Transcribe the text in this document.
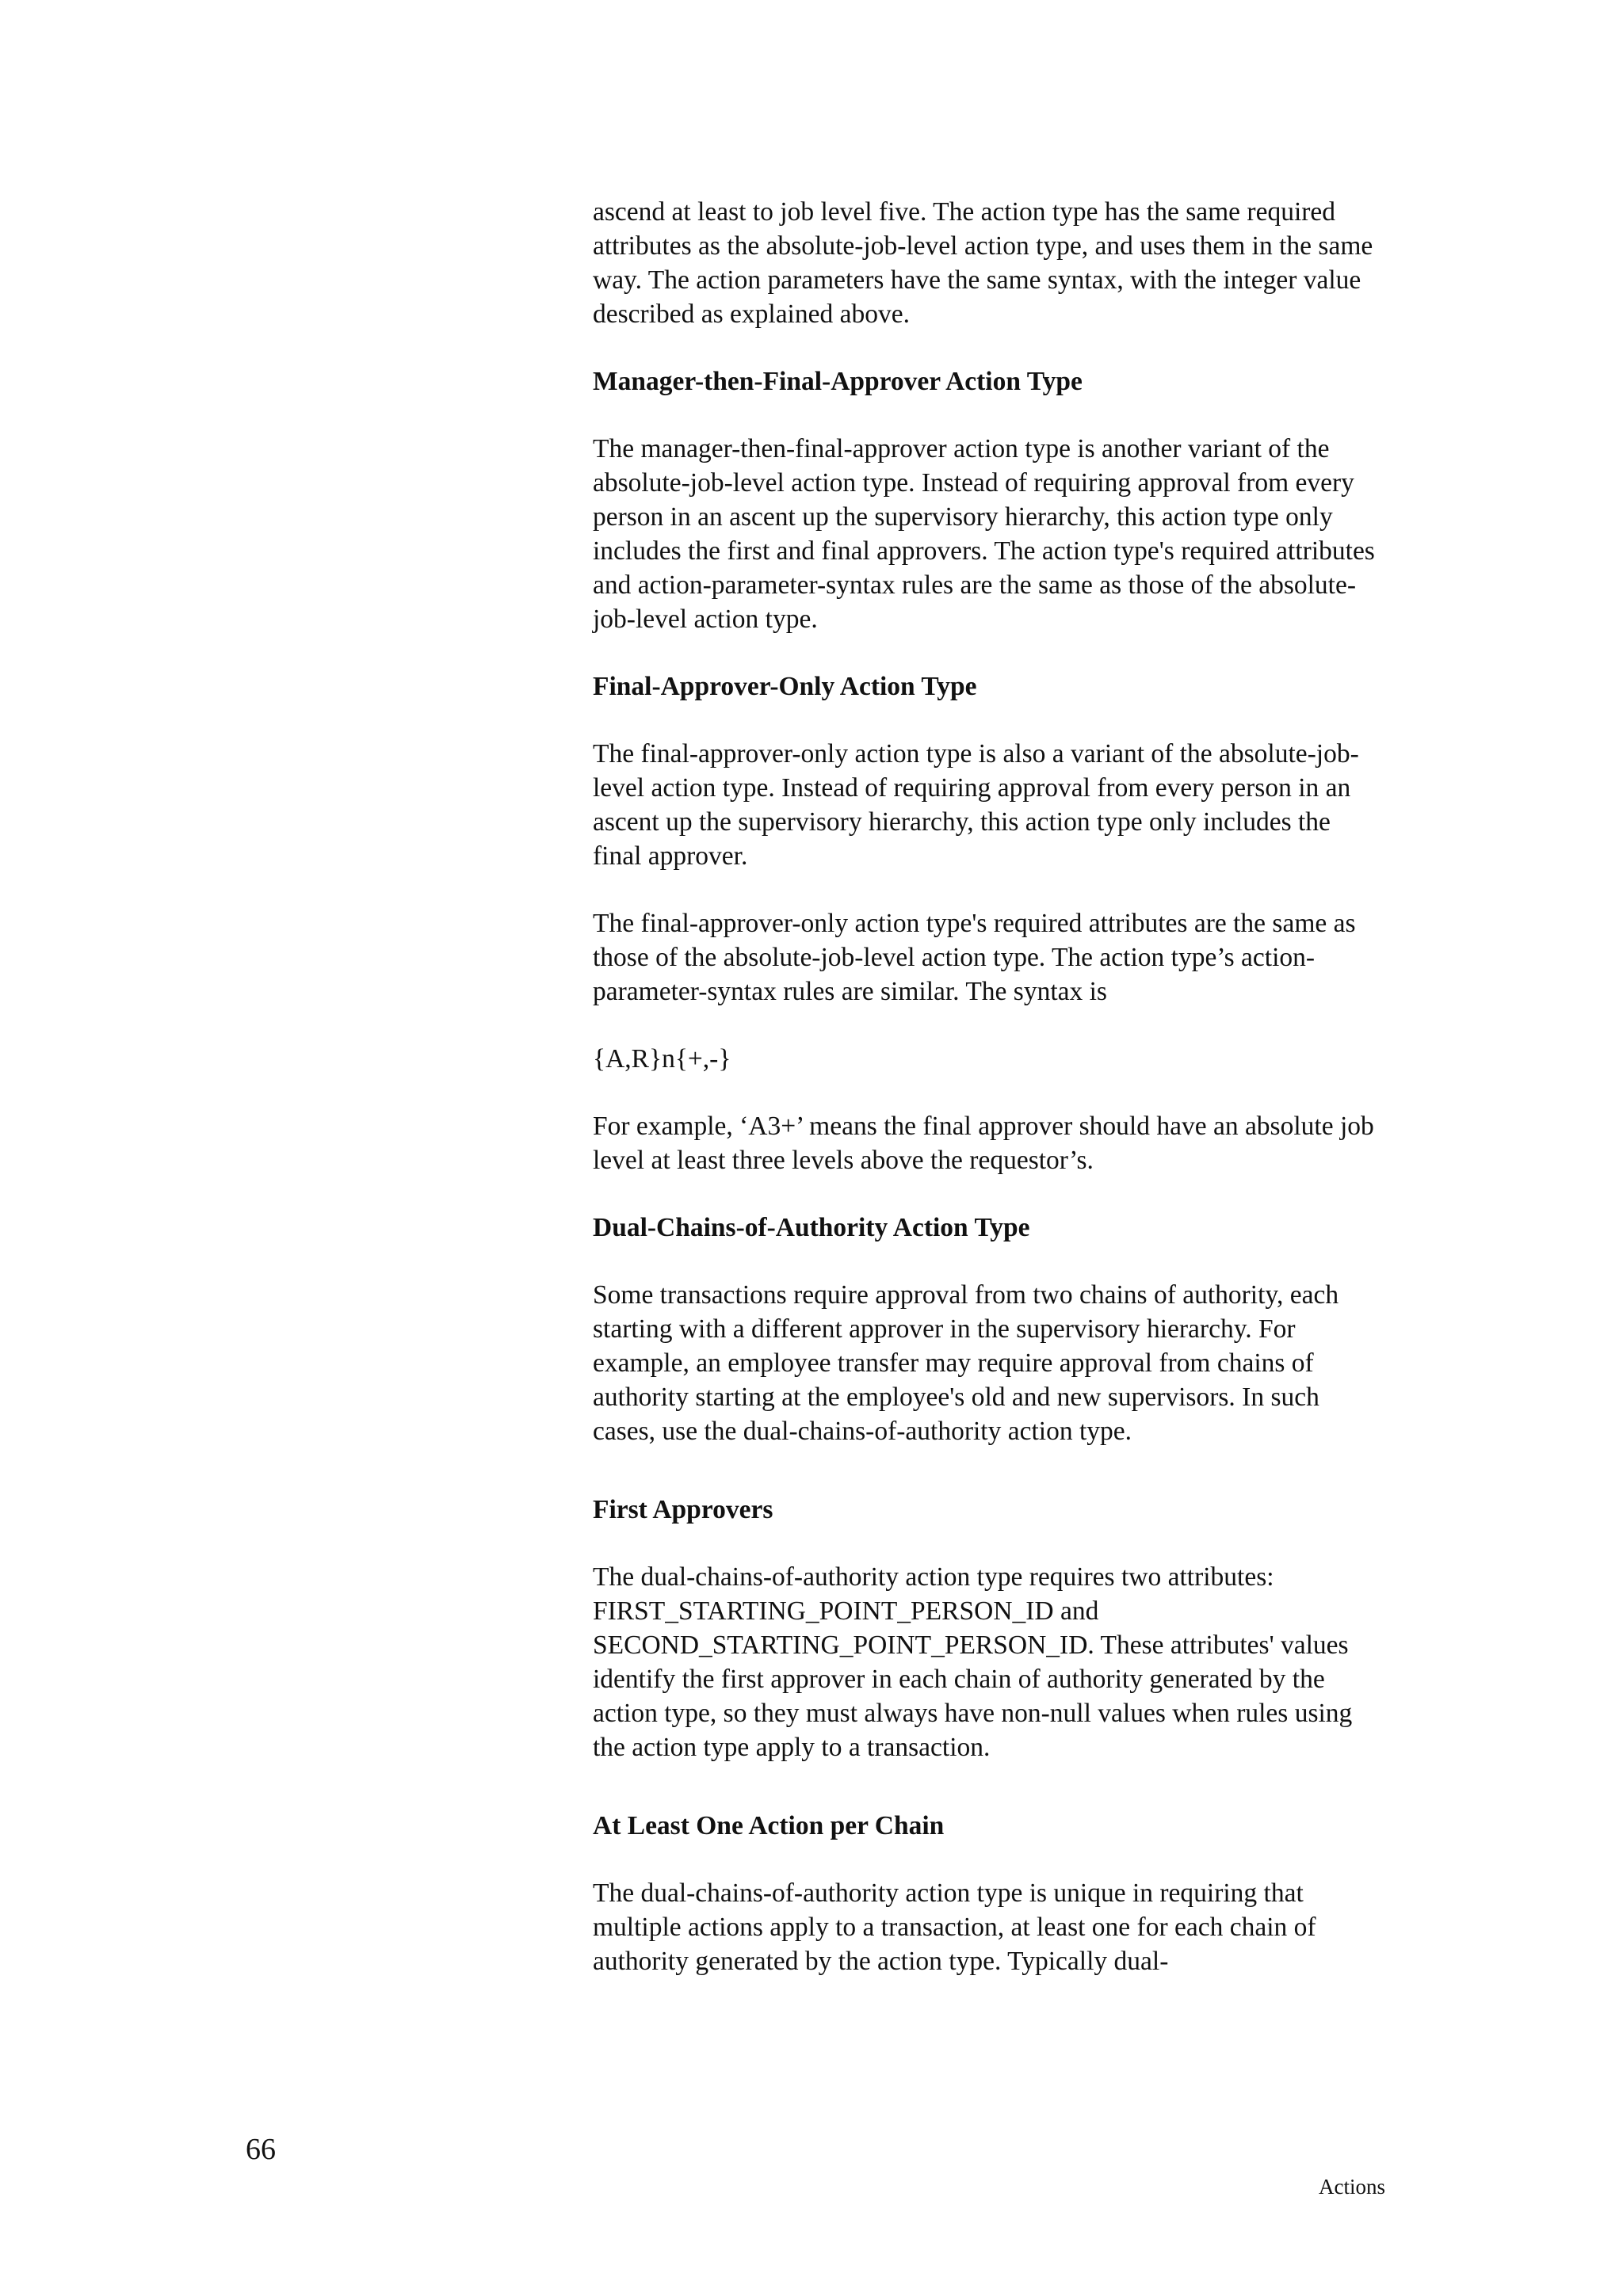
ascend at least to job level five. The action type has the same required attributes as the absolute-job-level action type, and uses them in the same way. The action parameters have the same syntax, with the integer value described as explained above.

Manager-then-Final-Approver Action Type

The manager-then-final-approver action type is another variant of the absolute-job-level action type. Instead of requiring approval from every person in an ascent up the supervisory hierarchy, this action type only includes the first and final approvers. The action type's required attributes and action-parameter-syntax rules are the same as those of the absolute-job-level action type.

Final-Approver-Only Action Type

The final-approver-only action type is also a variant of the absolute-job-level action type. Instead of requiring approval from every person in an ascent up the supervisory hierarchy, this action type only includes the final approver.

The final-approver-only action type's required attributes are the same as those of the absolute-job-level action type. The action type’s action-parameter-syntax rules are similar. The syntax is

{A,R}n{+,-}

For example, ‘A3+’ means the final approver should have an absolute job level at least three levels above the requestor’s.

Dual-Chains-of-Authority Action Type

Some transactions require approval from two chains of authority, each starting with a different approver in the supervisory hierarchy. For example, an employee transfer may require approval from chains of authority starting at the employee's old and new supervisors. In such cases, use the dual-chains-of-authority action type.

First Approvers

The dual-chains-of-authority action type requires two attributes: FIRST_STARTING_POINT_PERSON_ID and SECOND_STARTING_POINT_PERSON_ID. These attributes' values identify the first approver in each chain of authority generated by the action type, so they must always have non-null values when rules using the action type apply to a transaction.

At Least One Action per Chain

The dual-chains-of-authority action type is unique in requiring that multiple actions apply to a transaction, at least one for each chain of authority generated by the action type. Typically dual-

66
Actions
